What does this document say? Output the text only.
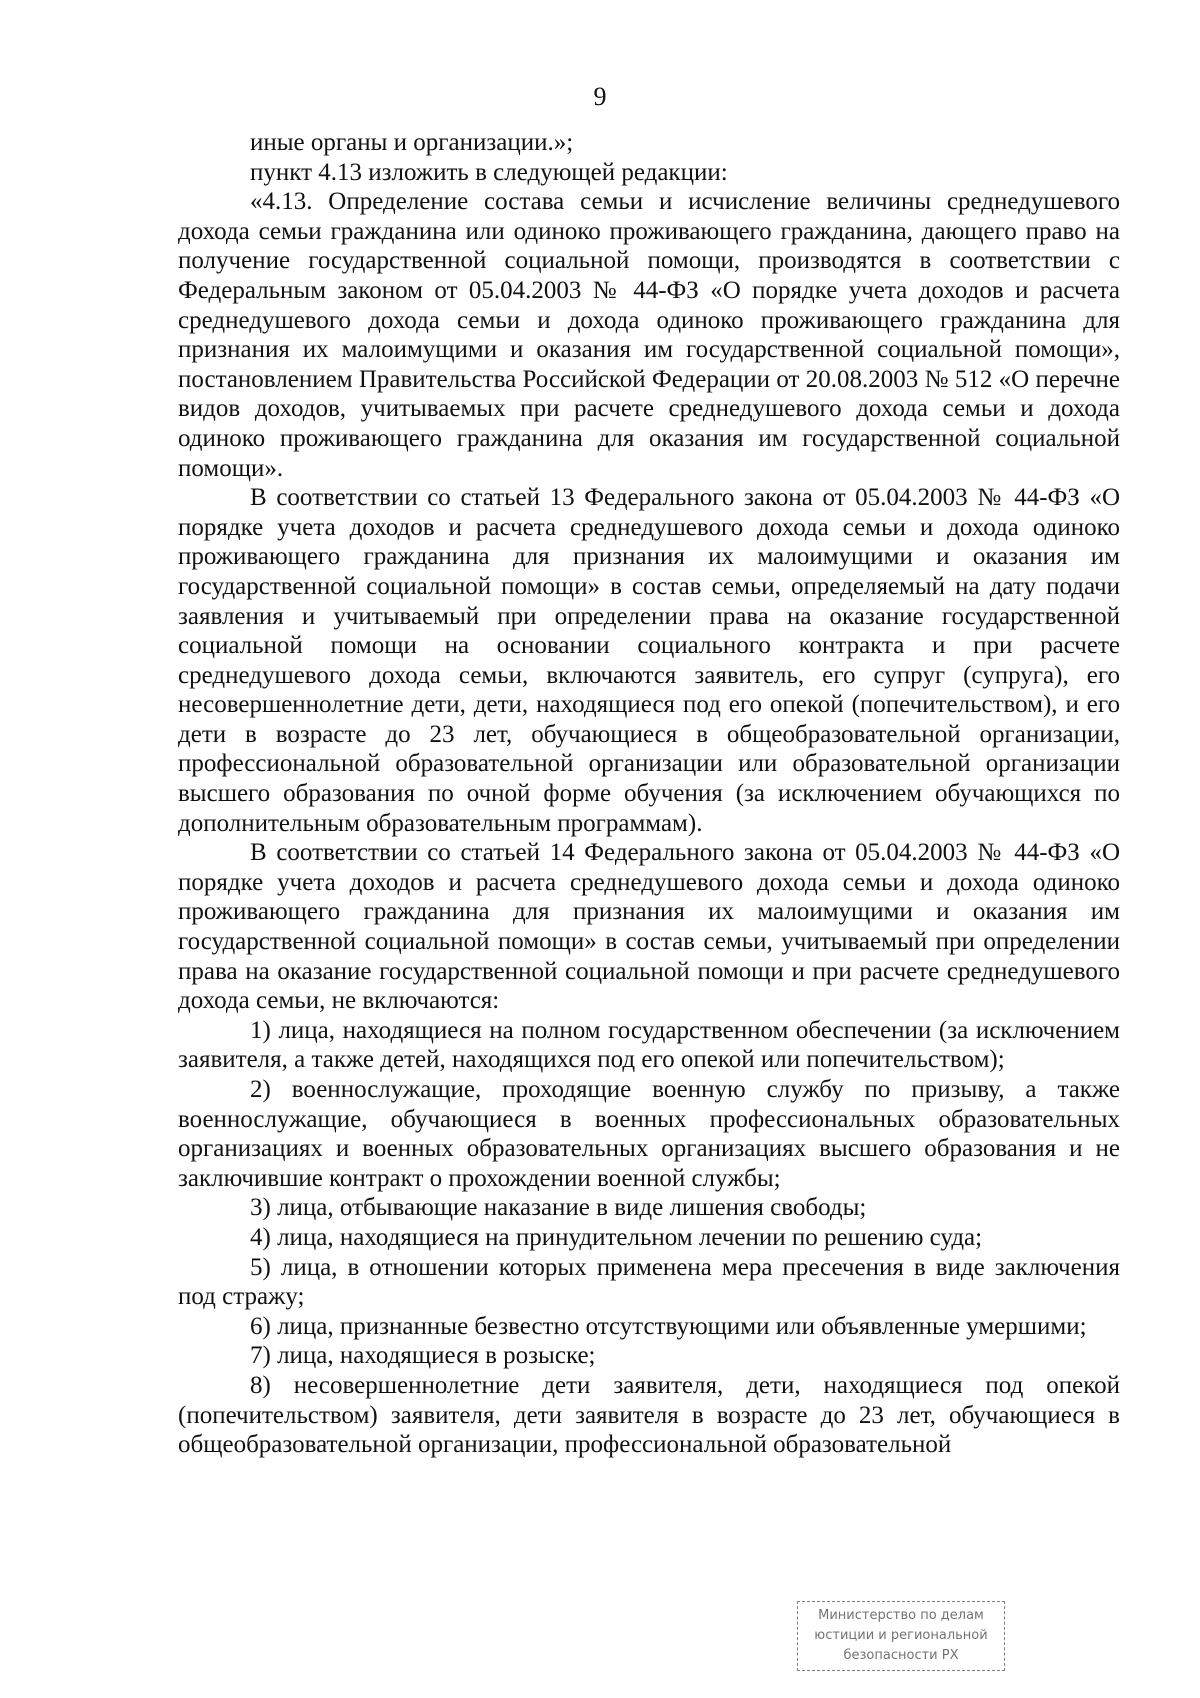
9

иные органы и организации.»;

пункт 4.13 изложить в следующей редакции:

«4.13. Определение состава семьи и исчисление величины среднедушевого дохода семьи гражданина или одиноко проживающего гражданина, дающего право на получение государственной социальной помощи, производятся в соответствии с Федеральным законом от 05.04.2003 № 44-ФЗ «О порядке учета доходов и расчета среднедушевого дохода семьи и дохода одиноко проживающего гражданина для признания их малоимущими и оказания им государственной социальной помощи», постановлением Правительства Российской Федерации от 20.08.2003 № 512 «О перечне видов доходов, учитываемых при расчете среднедушевого дохода семьи и дохода одиноко проживающего гражданина для оказания им государственной социальной помощи».

В соответствии со статьей 13 Федерального закона от 05.04.2003 № 44-ФЗ «О порядке учета доходов и расчета среднедушевого дохода семьи и дохода одиноко проживающего гражданина для признания их малоимущими и оказания им государственной социальной помощи» в состав семьи, определяемый на дату подачи заявления и учитываемый при определении права на оказание государственной социальной помощи на основании социального контракта и при расчете среднедушевого дохода семьи, включаются заявитель, его супруг (супруга), его несовершеннолетние дети, дети, находящиеся под его опекой (попечительством), и его дети в возрасте до 23 лет, обучающиеся в общеобразовательной организации, профессиональной образовательной организации или образовательной организации высшего образования по очной форме обучения (за исключением обучающихся по дополнительным образовательным программам).

В соответствии со статьей 14 Федерального закона от 05.04.2003 № 44-ФЗ «О порядке учета доходов и расчета среднедушевого дохода семьи и дохода одиноко проживающего гражданина для признания их малоимущими и оказания им государственной социальной помощи» в состав семьи, учитываемый при определении права на оказание государственной социальной помощи и при расчете среднедушевого дохода семьи, не включаются:

1) лица, находящиеся на полном государственном обеспечении (за исключением заявителя, а также детей, находящихся под его опекой или попечительством);

2) военнослужащие, проходящие военную службу по призыву, а также военнослужащие, обучающиеся в военных профессиональных образовательных организациях и военных образовательных организациях высшего образования и не заключившие контракт о прохождении военной службы;

3) лица, отбывающие наказание в виде лишения свободы;

4) лица, находящиеся на принудительном лечении по решению суда;

5) лица, в отношении которых применена мера пресечения в виде заключения под стражу;

6) лица, признанные безвестно отсутствующими или объявленные умершими;

7) лица, находящиеся в розыске;

8) несовершеннолетние дети заявителя, дети, находящиеся под опекой (попечительством) заявителя, дети заявителя в возрасте до 23 лет, обучающиеся в общеобразовательной организации, профессиональной образовательной

Министерство по делам
юстиции и региональной
безопасности РХ
